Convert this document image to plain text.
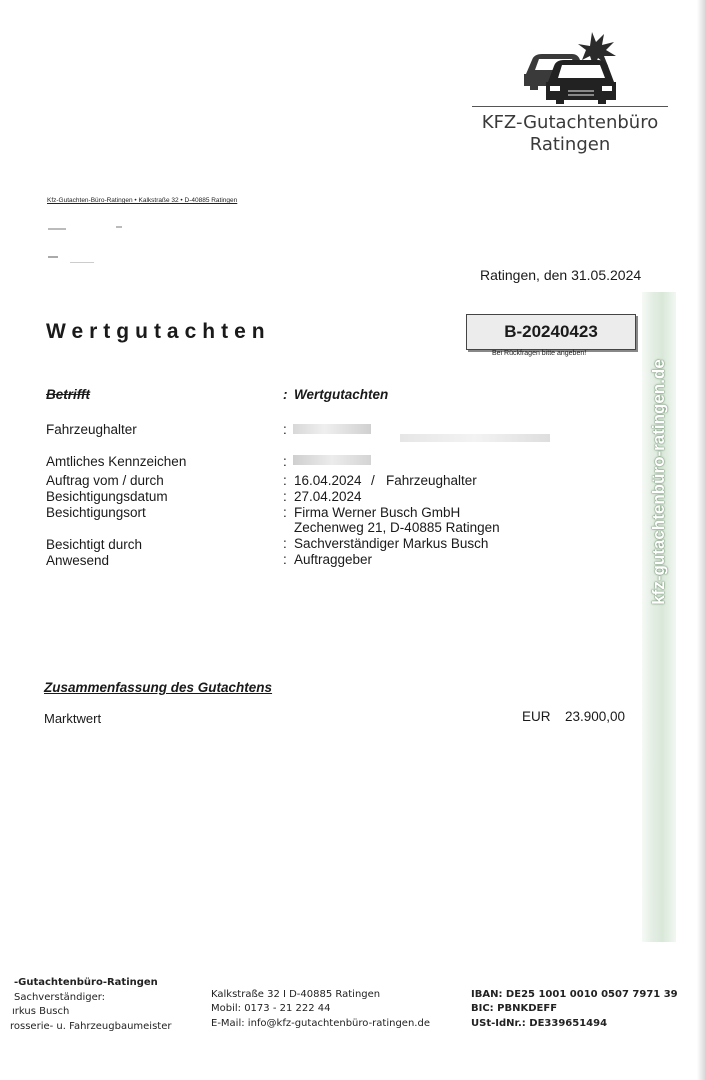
KFZ-Gutachtenbüro
Ratingen
kfz-gutachtenbüro-ratingen.de
Kfz-Gutachten-Büro-Ratingen • Kalkstraße 32 • D-40885 Ratingen
Ratingen, den 31.05.2024
Wertgutachten	B-20240423
Bei Rückfragen bitte angeben!
Betrifft	: Wertgutachten
Fahrzeughalter	:
Amtliches Kennzeichen	:
Auftrag vom / durch	: 16.04.2024 / Fahrzeughalter
Besichtigungsdatum	: 27.04.2024
Besichtigungsort	: Firma Werner Busch GmbH
Zechenweg 21, D-40885 Ratingen
Besichtigt durch	: Sachverständiger Markus Busch
Anwesend	: Auftraggeber
Zusammenfassung des Gutachtens
Marktwert	EUR 23.900,00
-Gutachtenbüro-Ratingen
Sachverständiger:
ırkus Busch
rosserie- u. Fahrzeugbaumeister
Kalkstraße 32 I D-40885 Ratingen
Mobil: 0173 - 21 222 44
E-Mail: info@kfz-gutachtenbüro-ratingen.de
IBAN: DE25 1001 0010 0507 7971 39
BIC: PBNKDEFF
USt-IdNr.: DE339651494
